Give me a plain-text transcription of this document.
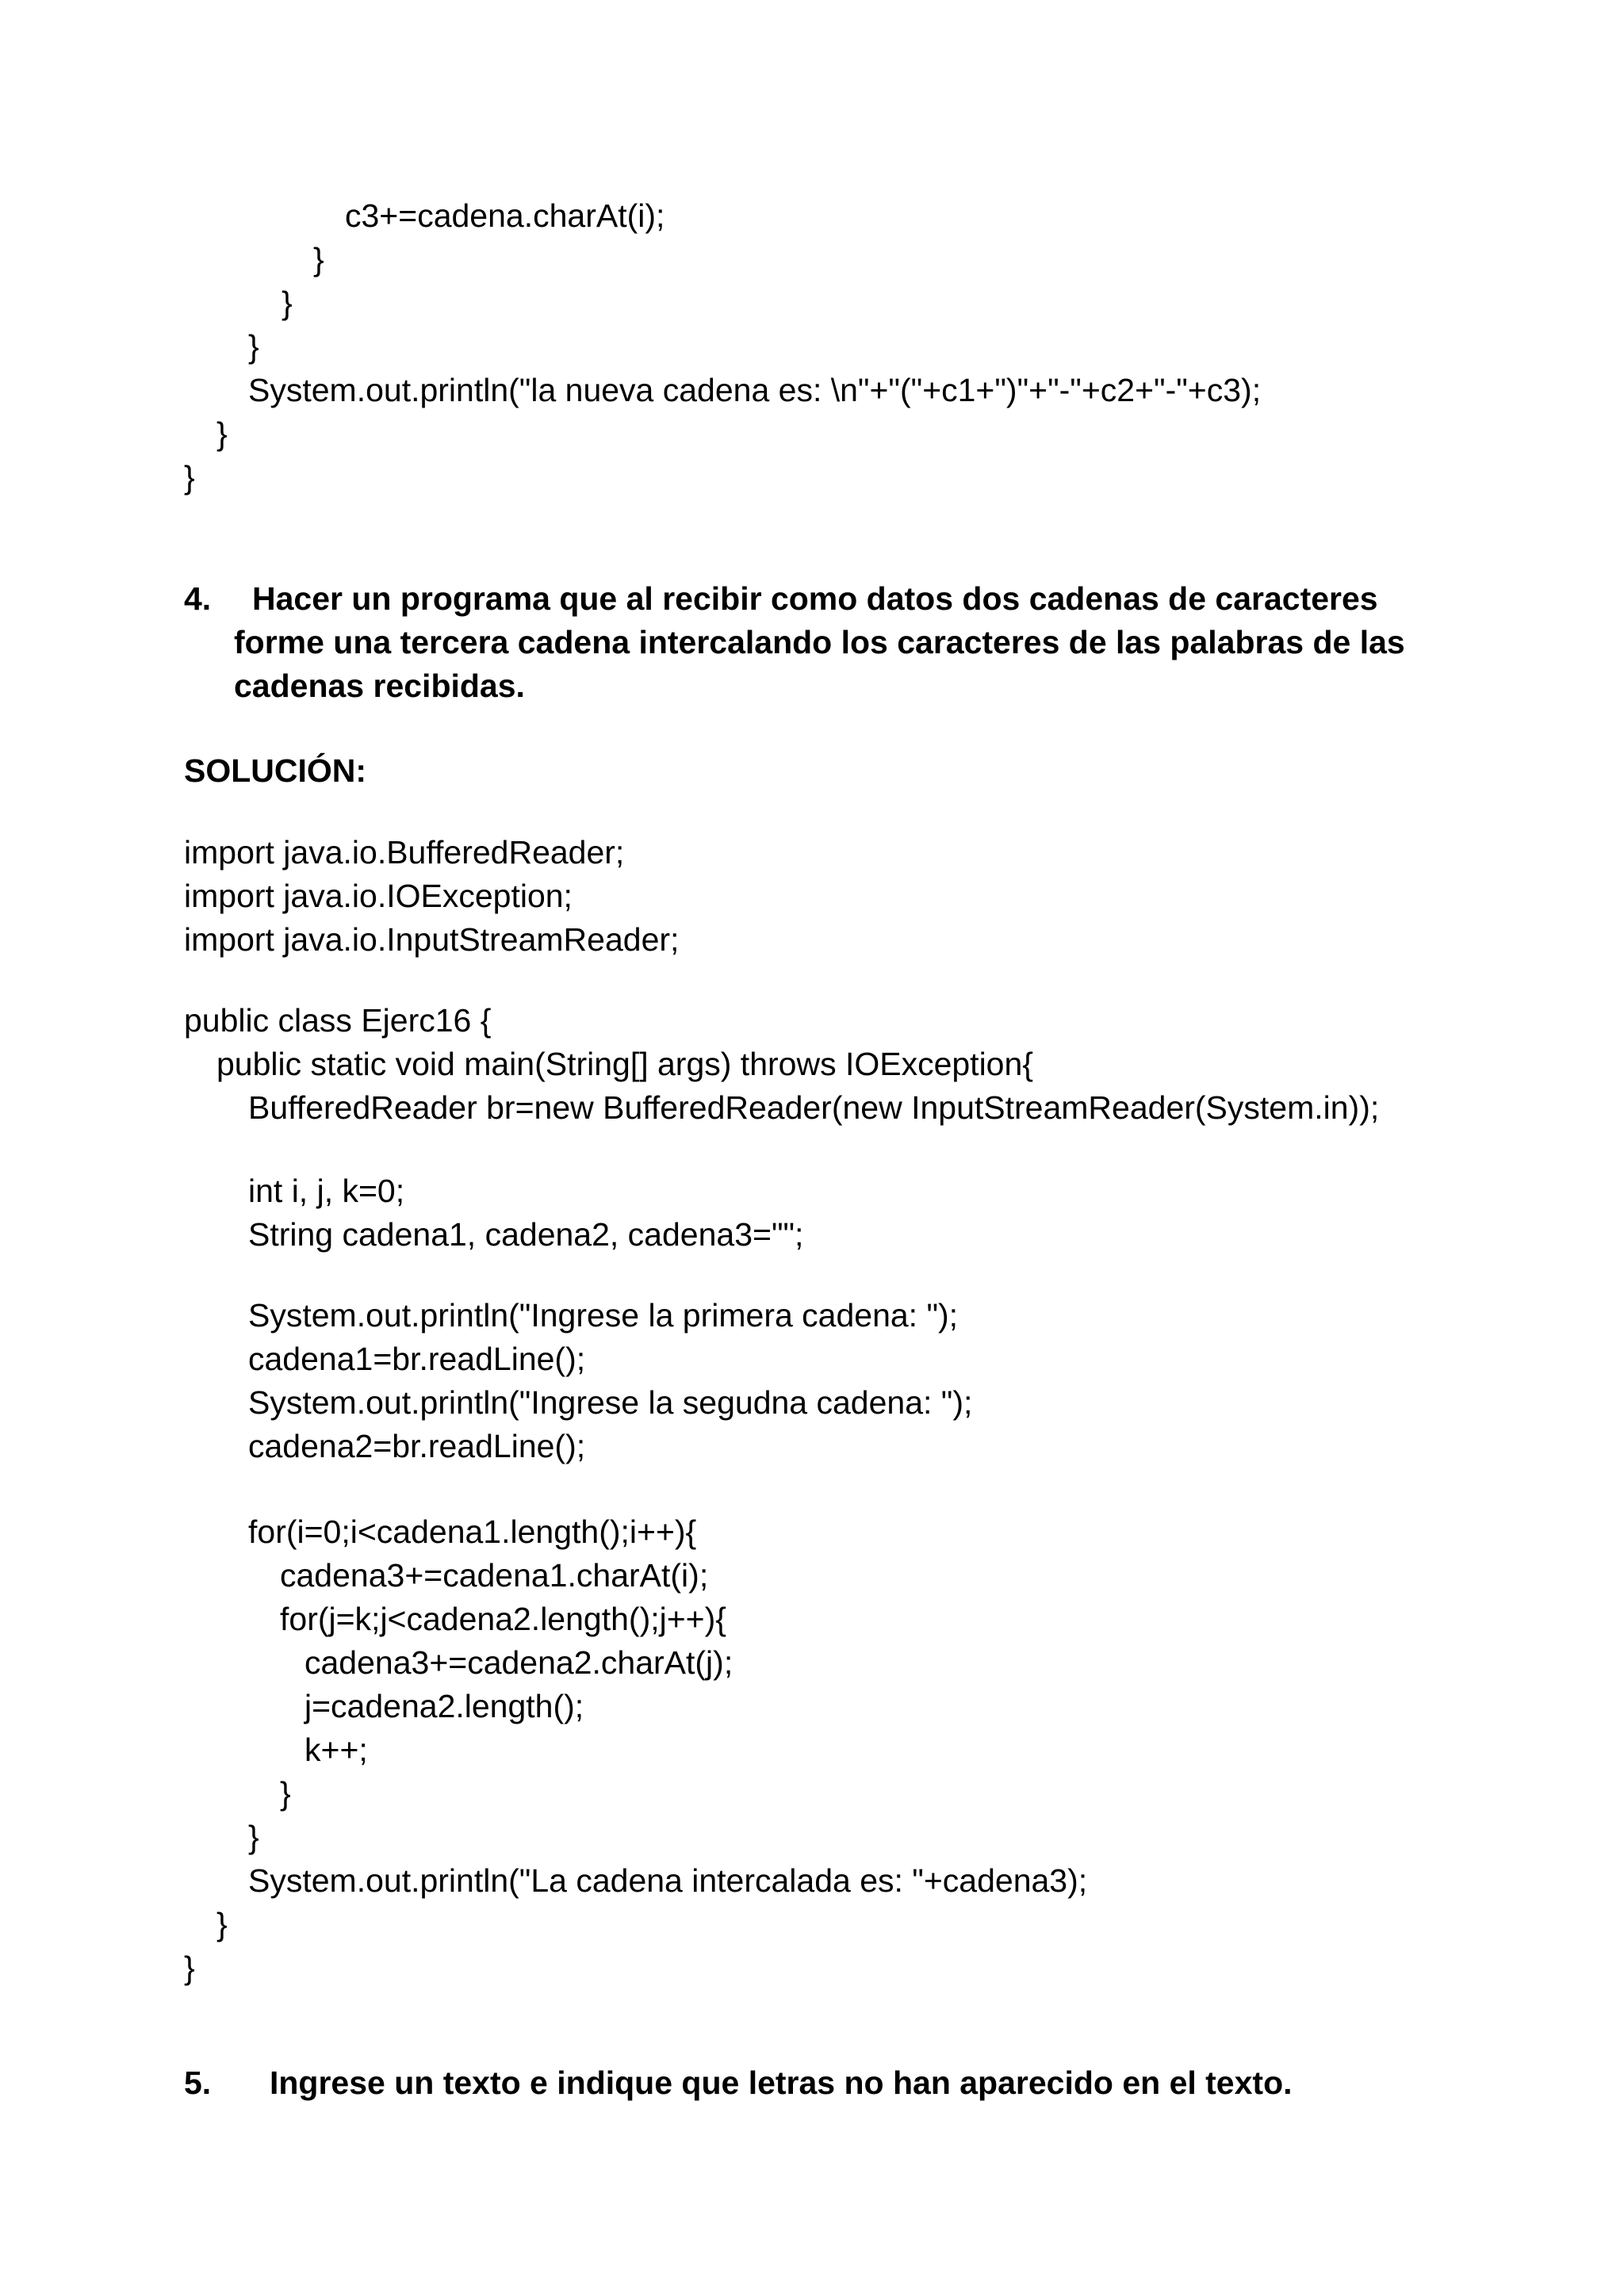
c3+=cadena.charAt(i);
}
}
}
System.out.println("la nueva cadena es: \n"+"("+c1+")"+"-"+c2+"-"+c3);
}
}
4. Hacer un programa que al recibir como datos dos cadenas de caracteres
forme una tercera cadena intercalando los caracteres de las palabras de las
cadenas recibidas.
SOLUCIÓN:
import java.io.BufferedReader;
import java.io.IOException;
import java.io.InputStreamReader;
public class Ejerc16 {
public static void main(String[] args) throws IOException{
BufferedReader br=new BufferedReader(new InputStreamReader(System.in));
int i, j, k=0;
String cadena1, cadena2, cadena3="";
System.out.println("Ingrese la primera cadena: ");
cadena1=br.readLine();
System.out.println("Ingrese la segudna cadena: ");
cadena2=br.readLine();
for(i=0;i<cadena1.length();i++){
cadena3+=cadena1.charAt(i);
for(j=k;j<cadena2.length();j++){
cadena3+=cadena2.charAt(j);
j=cadena2.length();
k++;
}
}
System.out.println("La cadena intercalada es: "+cadena3);
}
}
5. Ingrese un texto e indique que letras no han aparecido en el texto.
